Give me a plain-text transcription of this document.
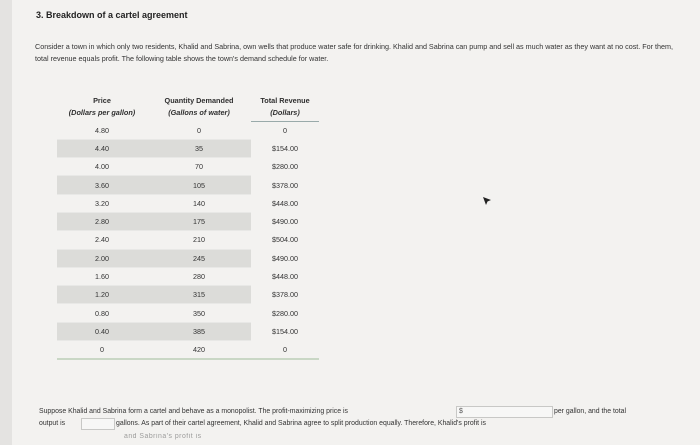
3. Breakdown of a cartel agreement
Consider a town in which only two residents, Khalid and Sabrina, own wells that produce water safe for drinking. Khalid and Sabrina can pump and sell as much water as they want at no cost. For them, total revenue equals profit. The following table shows the town's demand schedule for water.
Price	Quantity Demanded	Total Revenue
(Dollars per gallon)	(Gallons of water)	(Dollars)
4.80	0	0
4.40	35	$154.00
4.00	70	$280.00
3.60	105	$378.00
3.20	140	$448.00
2.80	175	$490.00
2.40	210	$504.00
2.00	245	$490.00
1.60	280	$448.00
1.20	315	$378.00
0.80	350	$280.00
0.40	385	$154.00
0	420	0

Suppose Khalid and Sabrina form a cartel and behave as a monopolist. The profit-maximizing price is	$	per gallon, and the total
output is	gallons. As part of their cartel agreement, Khalid and Sabrina agree to split production equally. Therefore, Khalid's profit is
and Sabrina's profit is
